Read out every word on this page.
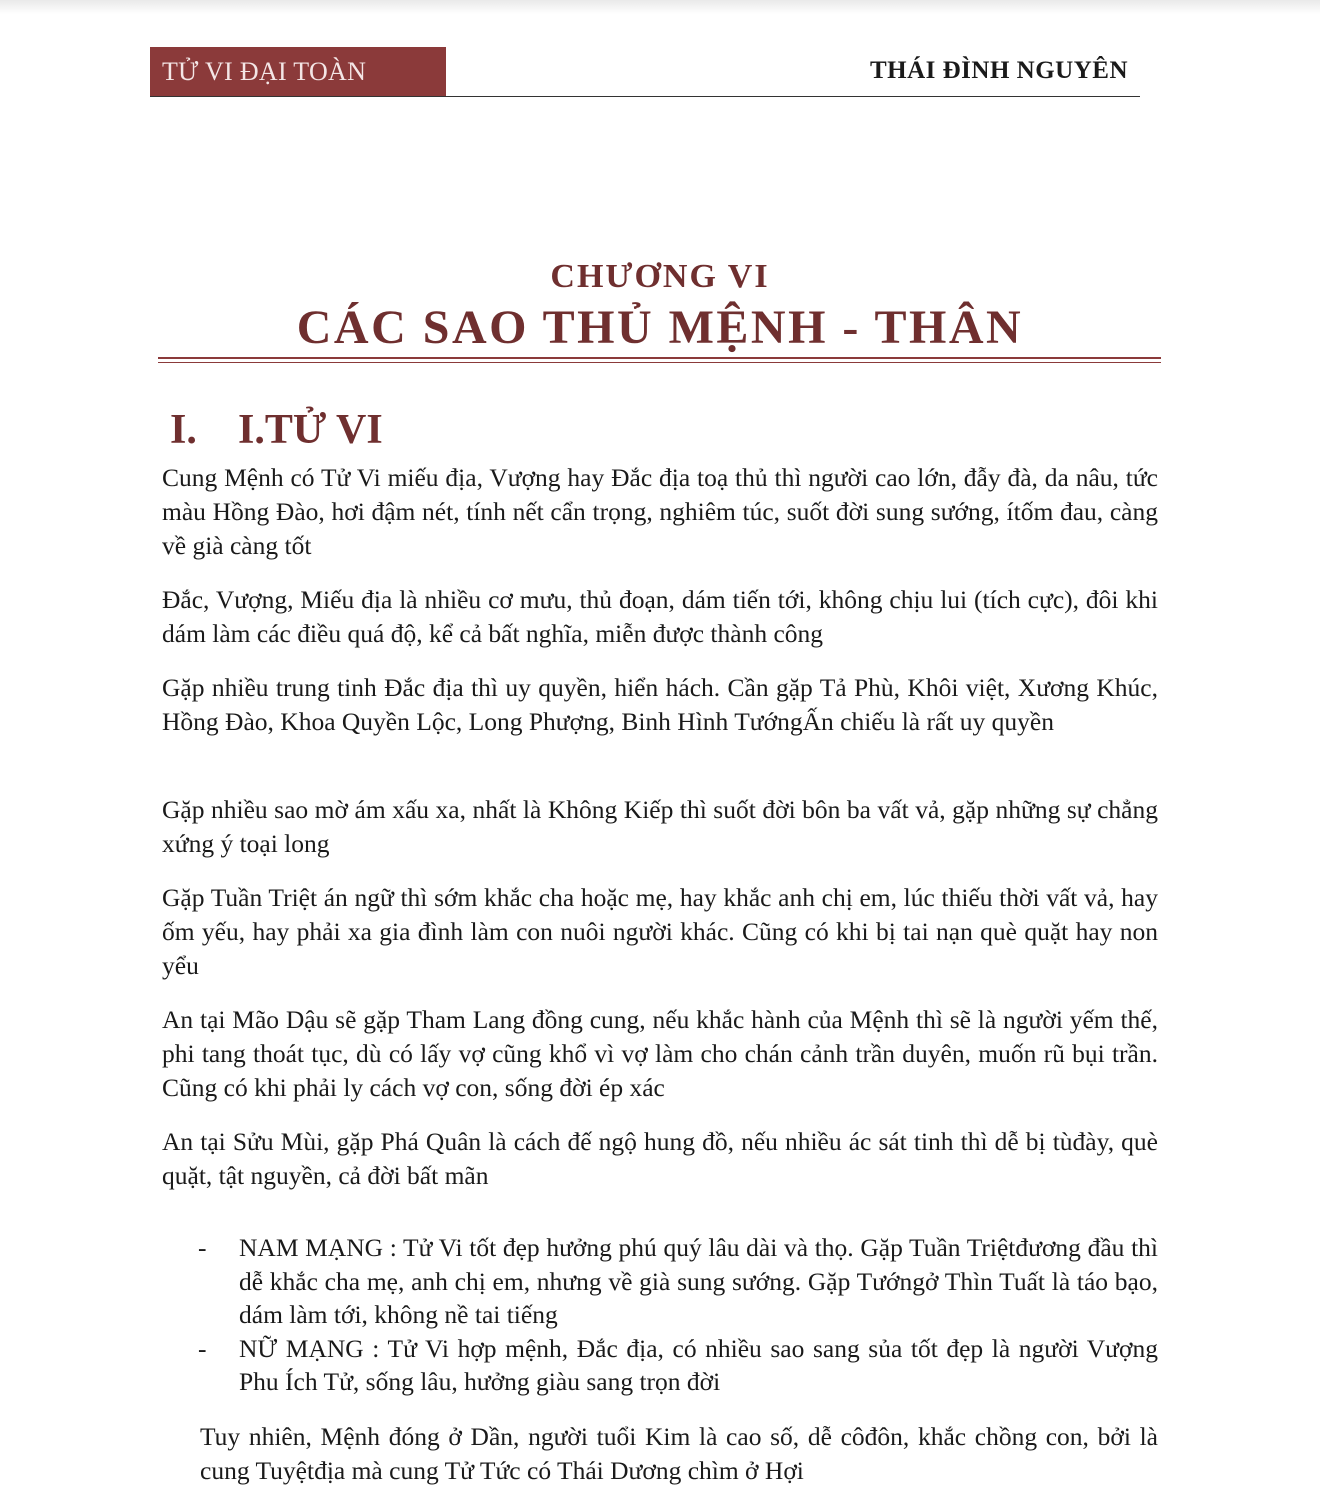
TỬ VI ĐẠI TOÀN	THÁI ĐÌNH NGUYÊN
CHƯƠNG VI
CÁC SAO THỦ MỆNH - THÂN
I. I.TỬ VI

Cung Mệnh có Tử Vi miếu địa, Vượng hay Đắc địa toạ thủ thì người cao lớn, đẫy đà, da nâu, tức màu Hồng Đào, hơi đậm nét, tính nết cẩn trọng, nghiêm túc, suốt đời sung sướng, ítốm đau, càng về già càng tốt

Đắc, Vượng, Miếu địa là nhiều cơ mưu, thủ đoạn, dám tiến tới, không chịu lui (tích cực), đôi khi dám làm các điều quá độ, kể cả bất nghĩa, miễn được thành công

Gặp nhiều trung tinh Đắc địa thì uy quyền, hiển hách. Cần gặp Tả Phù, Khôi việt, Xương Khúc, Hồng Đào, Khoa Quyền Lộc, Long Phượng, Binh Hình TướngẤn chiếu là rất uy quyền

Gặp nhiều sao mờ ám xấu xa, nhất là Không Kiếp thì suốt đời bôn ba vất vả, gặp những sự chẳng xứng ý toại long

Gặp Tuần Triệt án ngữ thì sớm khắc cha hoặc mẹ, hay khắc anh chị em, lúc thiếu thời vất vả, hay ốm yếu, hay phải xa gia đình làm con nuôi người khác. Cũng có khi bị tai nạn què quặt hay non yểu

An tại Mão Dậu sẽ gặp Tham Lang đồng cung, nếu khắc hành của Mệnh thì sẽ là người yếm thế, phi tang thoát tục, dù có lấy vợ cũng khổ vì vợ làm cho chán cảnh trần duyên, muốn rũ bụi trần. Cũng có khi phải ly cách vợ con, sống đời ép xác

An tại Sửu Mùi, gặp Phá Quân là cách đế ngộ hung đồ, nếu nhiều ác sát tinh thì dễ bị tùđày, què quặt, tật nguyền, cả đời bất mãn

- NAM MẠNG : Tử Vi tốt đẹp hưởng phú quý lâu dài và thọ. Gặp Tuần Triệtđương đầu thì dễ khắc cha mẹ, anh chị em, nhưng về già sung sướng. Gặp Tướngở Thìn Tuất là táo bạo, dám làm tới, không nề tai tiếng
- NỮ MẠNG : Tử Vi hợp mệnh, Đắc địa, có nhiều sao sang sủa tốt đẹp là người Vượng Phu Ích Tử, sống lâu, hưởng giàu sang trọn đời

Tuy nhiên, Mệnh đóng ở Dần, người tuổi Kim là cao số, dễ côđôn, khắc chồng con, bởi là cung Tuyệtđịa mà cung Tử Tức có Thái Dương chìm ở Hợi
